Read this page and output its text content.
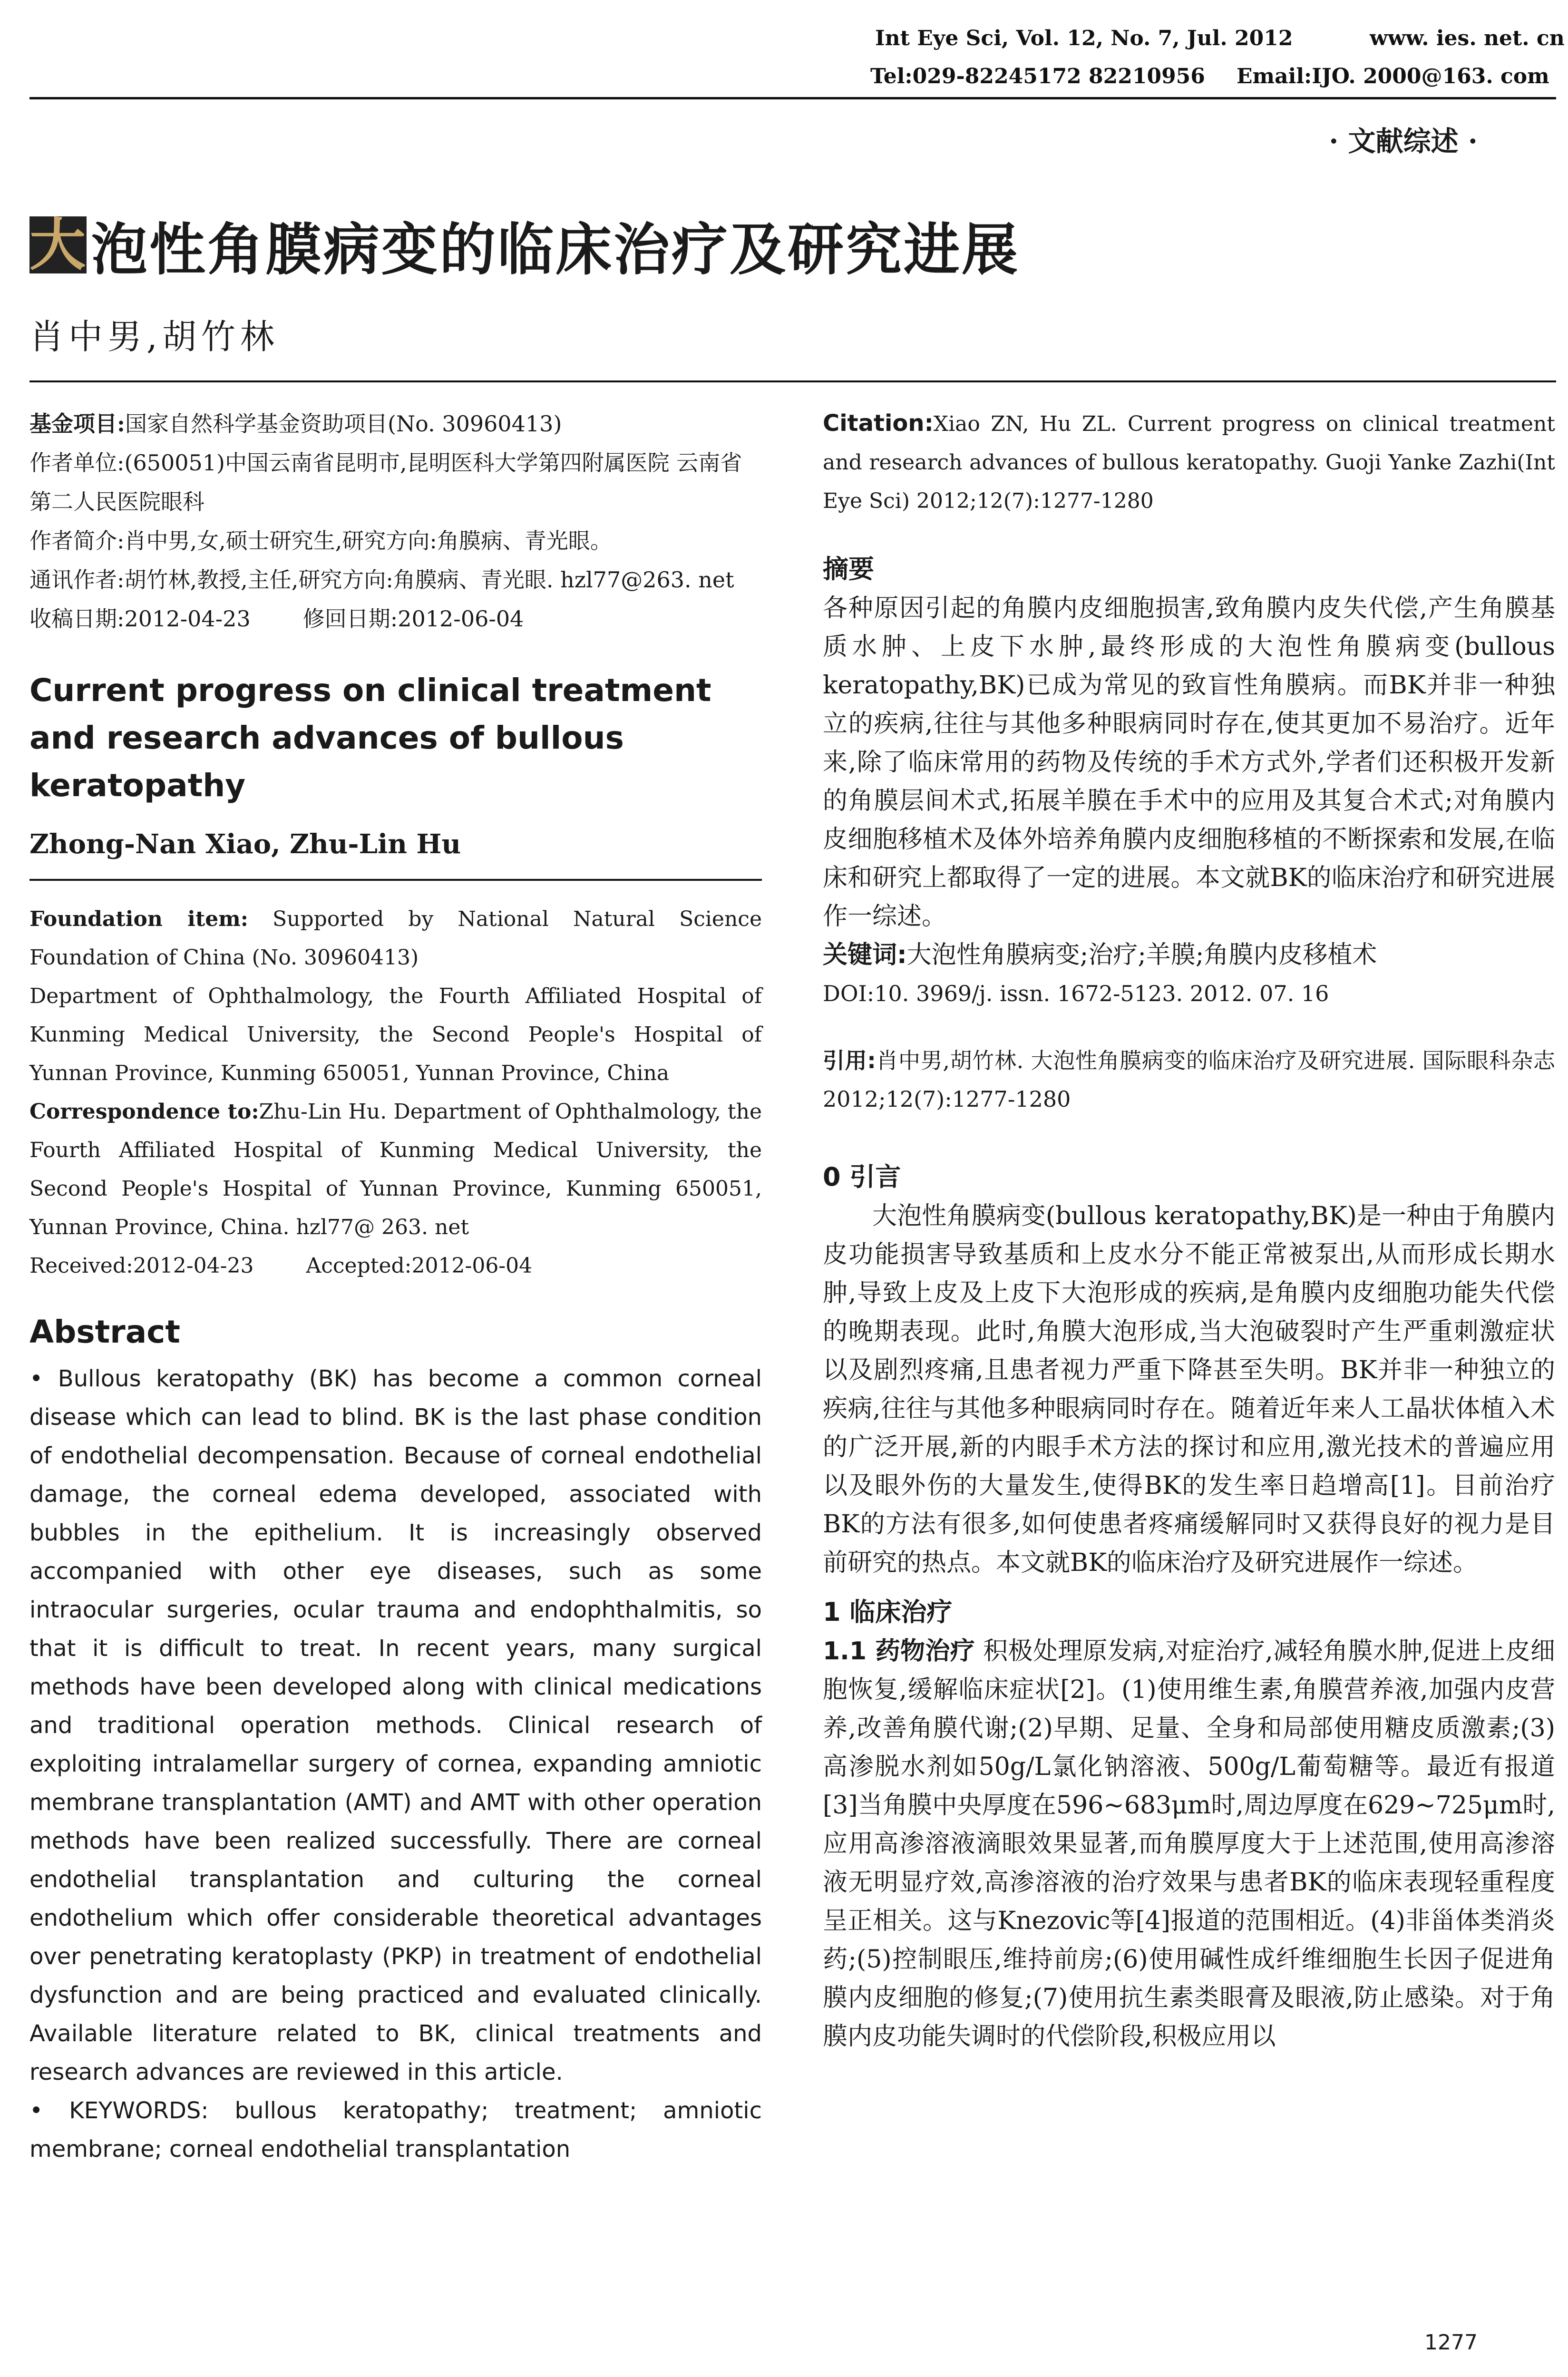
Int Eye Sci, Vol. 12, No. 7, Jul. 2012	www. ies. net. cn
Tel:029-82245172 82210956 Email:IJO. 2000@163. com
· 文献综述 ·
大 泡性角膜病变的临床治疗及研究进展
肖中男,胡竹林

基金项目:国家自然科学基金资助项目(No. 30960413)

作者单位:(650051)中国云南省昆明市,昆明医科大学第四附属医院 云南省第二人民医院眼科

作者简介:肖中男,女,硕士研究生,研究方向:角膜病、青光眼。

通讯作者:胡竹林,教授,主任,研究方向:角膜病、青光眼. hzl77@263. net

收稿日期:2012-04-23 修回日期:2012-06-04

Current progress on clinical treatment and research advances of bullous keratopathy
Zhong-Nan Xiao, Zhu-Lin Hu

Foundation item: Supported by National Natural Science Foundation of China (No. 30960413)

Department of Ophthalmology, the Fourth Affiliated Hospital of Kunming Medical University, the Second People's Hospital of Yunnan Province, Kunming 650051, Yunnan Province, China

Correspondence to:Zhu-Lin Hu. Department of Ophthalmology, the Fourth Affiliated Hospital of Kunming Medical University, the Second People's Hospital of Yunnan Province, Kunming 650051, Yunnan Province, China. hzl77@ 263. net

Received:2012-04-23	Accepted:2012-06-04

Abstract

• Bullous keratopathy (BK) has become a common corneal disease which can lead to blind. BK is the last phase condition of endothelial decompensation. Because of corneal endothelial damage, the corneal edema developed, associated with bubbles in the epithelium. It is increasingly observed accompanied with other eye diseases, such as some intraocular surgeries, ocular trauma and endophthalmitis, so that it is difficult to treat. In recent years, many surgical methods have been developed along with clinical medications and traditional operation methods. Clinical research of exploiting intralamellar surgery of cornea, expanding amniotic membrane transplantation (AMT) and AMT with other operation methods have been realized successfully. There are corneal endothelial transplantation and culturing the corneal endothelium which offer considerable theoretical advantages over penetrating keratoplasty (PKP) in treatment of endothelial dysfunction and are being practiced and evaluated clinically. Available literature related to BK, clinical treatments and research advances are reviewed in this article.

• KEYWORDS: bullous keratopathy; treatment; amniotic membrane; corneal endothelial transplantation

Citation:Xiao ZN, Hu ZL. Current progress on clinical treatment and research advances of bullous keratopathy. Guoji Yanke Zazhi(Int Eye Sci) 2012;12(7):1277-1280

摘要

各种原因引起的角膜内皮细胞损害,致角膜内皮失代偿,产生角膜基质水肿、上皮下水肿,最终形成的大泡性角膜病变(bullous keratopathy,BK)已成为常见的致盲性角膜病。而BK并非一种独立的疾病,往往与其他多种眼病同时存在,使其更加不易治疗。近年来,除了临床常用的药物及传统的手术方式外,学者们还积极开发新的角膜层间术式,拓展羊膜在手术中的应用及其复合术式;对角膜内皮细胞移植术及体外培养角膜内皮细胞移植的不断探索和发展,在临床和研究上都取得了一定的进展。本文就BK的临床治疗和研究进展作一综述。

关键词:大泡性角膜病变;治疗;羊膜;角膜内皮移植术

DOI:10. 3969/j. issn. 1672-5123. 2012. 07. 16

引用:肖中男,胡竹林. 大泡性角膜病变的临床治疗及研究进展. 国际眼科杂志 2012;12(7):1277-1280

0 引言

大泡性角膜病变(bullous keratopathy,BK)是一种由于角膜内皮功能损害导致基质和上皮水分不能正常被泵出,从而形成长期水肿,导致上皮及上皮下大泡形成的疾病,是角膜内皮细胞功能失代偿的晚期表现。此时,角膜大泡形成,当大泡破裂时产生严重刺激症状以及剧烈疼痛,且患者视力严重下降甚至失明。BK并非一种独立的疾病,往往与其他多种眼病同时存在。随着近年来人工晶状体植入术的广泛开展,新的内眼手术方法的探讨和应用,激光技术的普遍应用以及眼外伤的大量发生,使得BK的发生率日趋增高[1]。目前治疗BK的方法有很多,如何使患者疼痛缓解同时又获得良好的视力是目前研究的热点。本文就BK的临床治疗及研究进展作一综述。

1 临床治疗

1.1 药物治疗 积极处理原发病,对症治疗,减轻角膜水肿,促进上皮细胞恢复,缓解临床症状[2]。(1)使用维生素,角膜营养液,加强内皮营养,改善角膜代谢;(2)早期、足量、全身和局部使用糖皮质激素;(3)高渗脱水剂如50g/L氯化钠溶液、500g/L葡萄糖等。最近有报道[3]当角膜中央厚度在596~683μm时,周边厚度在629~725μm时,应用高渗溶液滴眼效果显著,而角膜厚度大于上述范围,使用高渗溶液无明显疗效,高渗溶液的治疗效果与患者BK的临床表现轻重程度呈正相关。这与Knezovic等[4]报道的范围相近。(4)非甾体类消炎药;(5)控制眼压,维持前房;(6)使用碱性成纤维细胞生长因子促进角膜内皮细胞的修复;(7)使用抗生素类眼膏及眼液,防止感染。对于角膜内皮功能失调时的代偿阶段,积极应用以

1277
